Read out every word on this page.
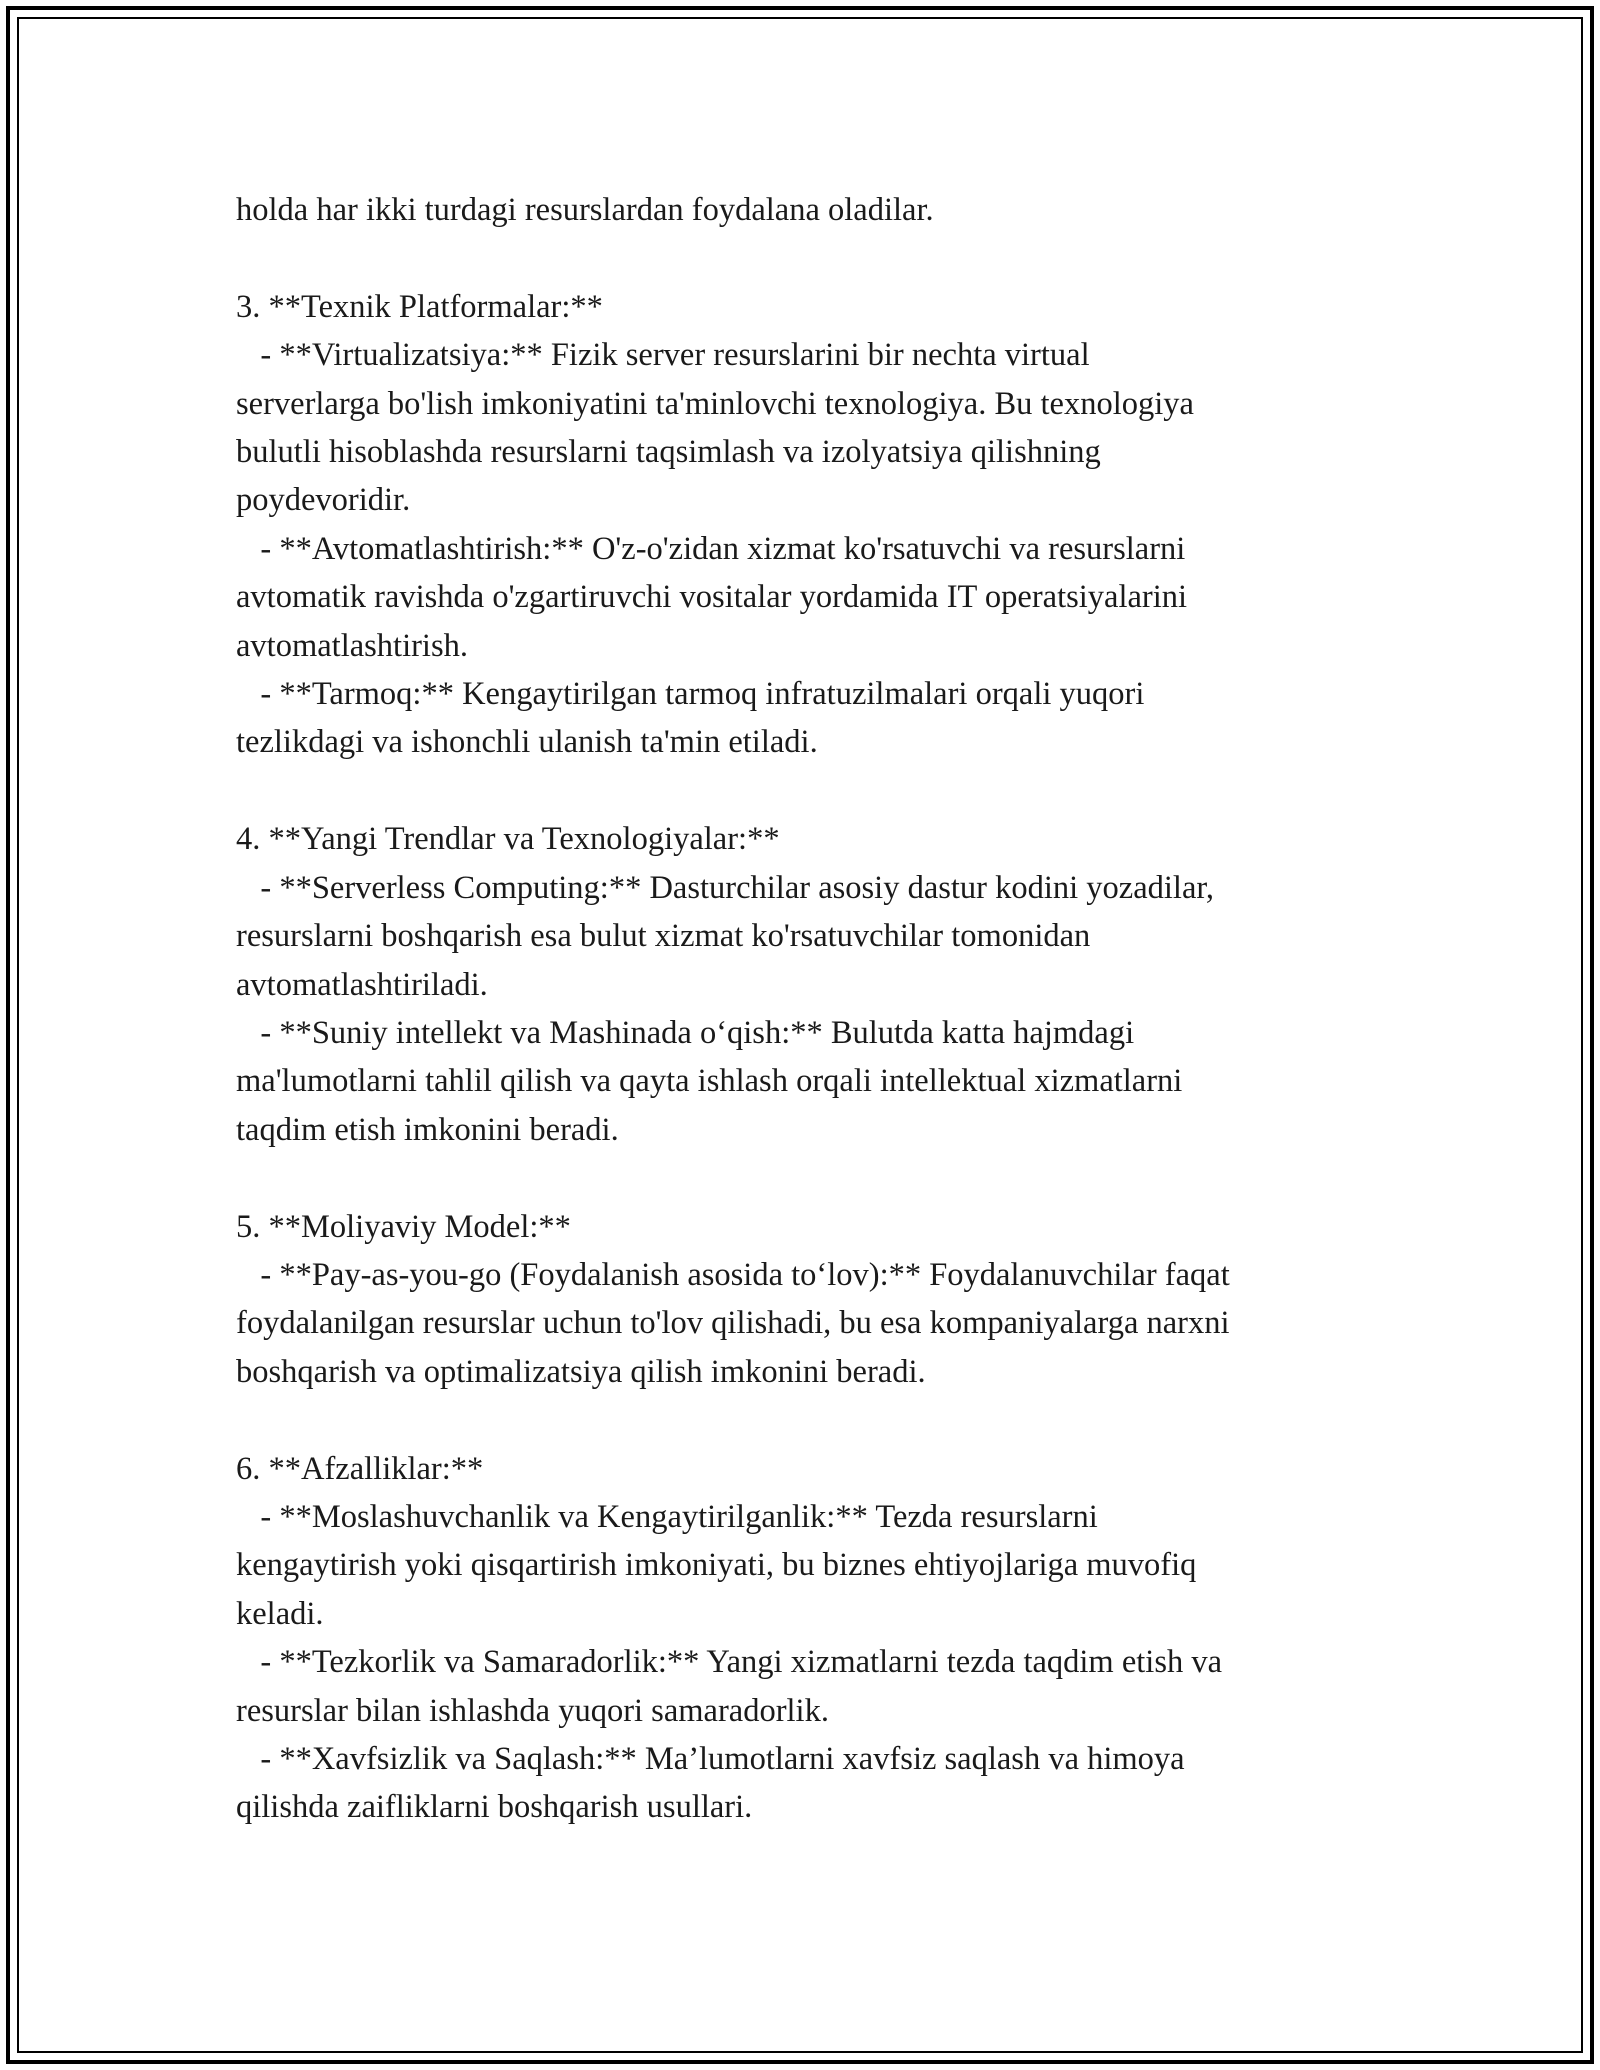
holda har ikki turdagi resurslardan foydalana oladilar.

3. **Texnik Platformalar:**
- **Virtualizatsiya:** Fizik server resurslarini bir nechta virtual
serverlarga bo'lish imkoniyatini ta'minlovchi texnologiya. Bu texnologiya
bulutli hisoblashda resurslarni taqsimlash va izolyatsiya qilishning
poydevoridir.
- **Avtomatlashtirish:** O'z-o'zidan xizmat ko'rsatuvchi va resurslarni
avtomatik ravishda o'zgartiruvchi vositalar yordamida IT operatsiyalarini
avtomatlashtirish.
- **Tarmoq:** Kengaytirilgan tarmoq infratuzilmalari orqali yuqori
tezlikdagi va ishonchli ulanish ta'min etiladi.

4. **Yangi Trendlar va Texnologiyalar:**
- **Serverless Computing:** Dasturchilar asosiy dastur kodini yozadilar,
resurslarni boshqarish esa bulut xizmat ko'rsatuvchilar tomonidan
avtomatlashtiriladi.
- **Suniy intellekt va Mashinada o‘qish:** Bulutda katta hajmdagi
ma'lumotlarni tahlil qilish va qayta ishlash orqali intellektual xizmatlarni
taqdim etish imkonini beradi.

5. **Moliyaviy Model:**
- **Pay-as-you-go (Foydalanish asosida to‘lov):** Foydalanuvchilar faqat
foydalanilgan resurslar uchun to'lov qilishadi, bu esa kompaniyalarga narxni
boshqarish va optimalizatsiya qilish imkonini beradi.

6. **Afzalliklar:**
- **Moslashuvchanlik va Kengaytirilganlik:** Tezda resurslarni
kengaytirish yoki qisqartirish imkoniyati, bu biznes ehtiyojlariga muvofiq
keladi.
- **Tezkorlik va Samaradorlik:** Yangi xizmatlarni tezda taqdim etish va
resurslar bilan ishlashda yuqori samaradorlik.
- **Xavfsizlik va Saqlash:** Ma’lumotlarni xavfsiz saqlash va himoya
qilishda zaifliklarni boshqarish usullari.
